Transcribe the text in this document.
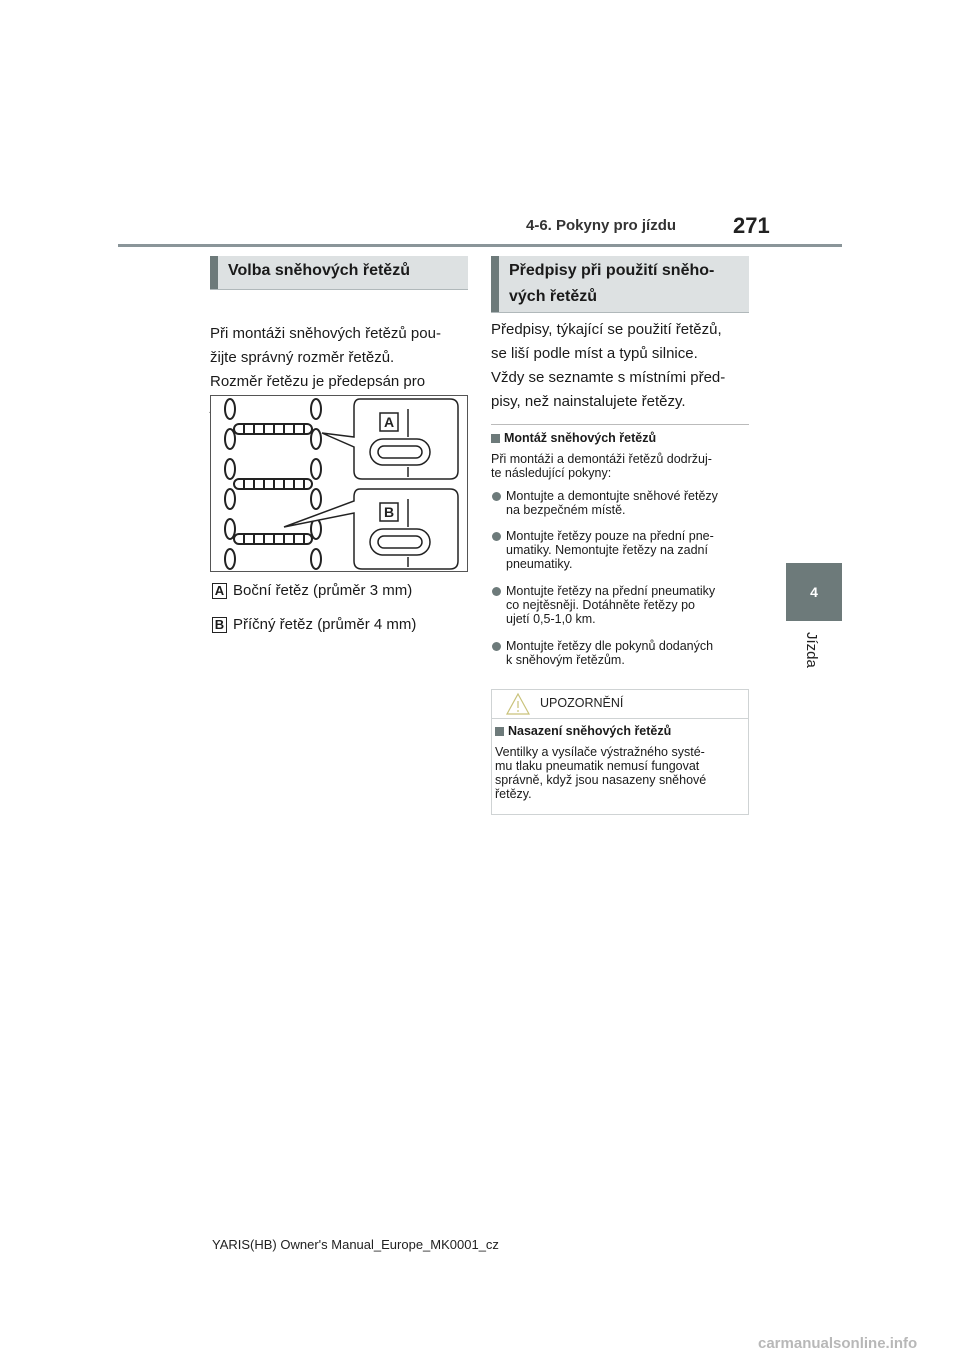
4-6. Pokyny pro jízdu	271
4
Jízda
Volba sněhových řetězů
Při montáži sněhových řetězů pou-
žijte správný rozměr řetězů.
Rozměr řetězu je předepsán pro
A
B
A Boční řetěz (průměr 3 mm)
B Příčný řetěz (průměr 4 mm)
Předpisy při použití sněho-
vých řetězů
Předpisy, týkající se použití řetězů,
se liší podle míst a typů silnice.
Vždy se seznamte s místními před-
pisy, než nainstalujete řetězy.
Montáž sněhových řetězů
Při montáži a demontáži řetězů dodržuj-
te následující pokyny:
Montujte a demontujte sněhové řetězy
na bezpečném místě.
Montujte řetězy pouze na přední pne-
umatiky. Nemontujte řetězy na zadní
pneumatiky.
Montujte řetězy na přední pneumatiky
co nejtěsněji. Dotáhněte řetězy po
ujetí 0,5-1,0 km.
Montujte řetězy dle pokynů dodaných
k sněhovým řetězům.
UPOZORNĚNÍ
Nasazení sněhových řetězů
Ventilky a vysílače výstražného systé-
mu tlaku pneumatik nemusí fungovat
správně, když jsou nasazeny sněhové
řetězy.
YARIS(HB) Owner's Manual_Europe_MK0001_cz
carmanualsonline.info
